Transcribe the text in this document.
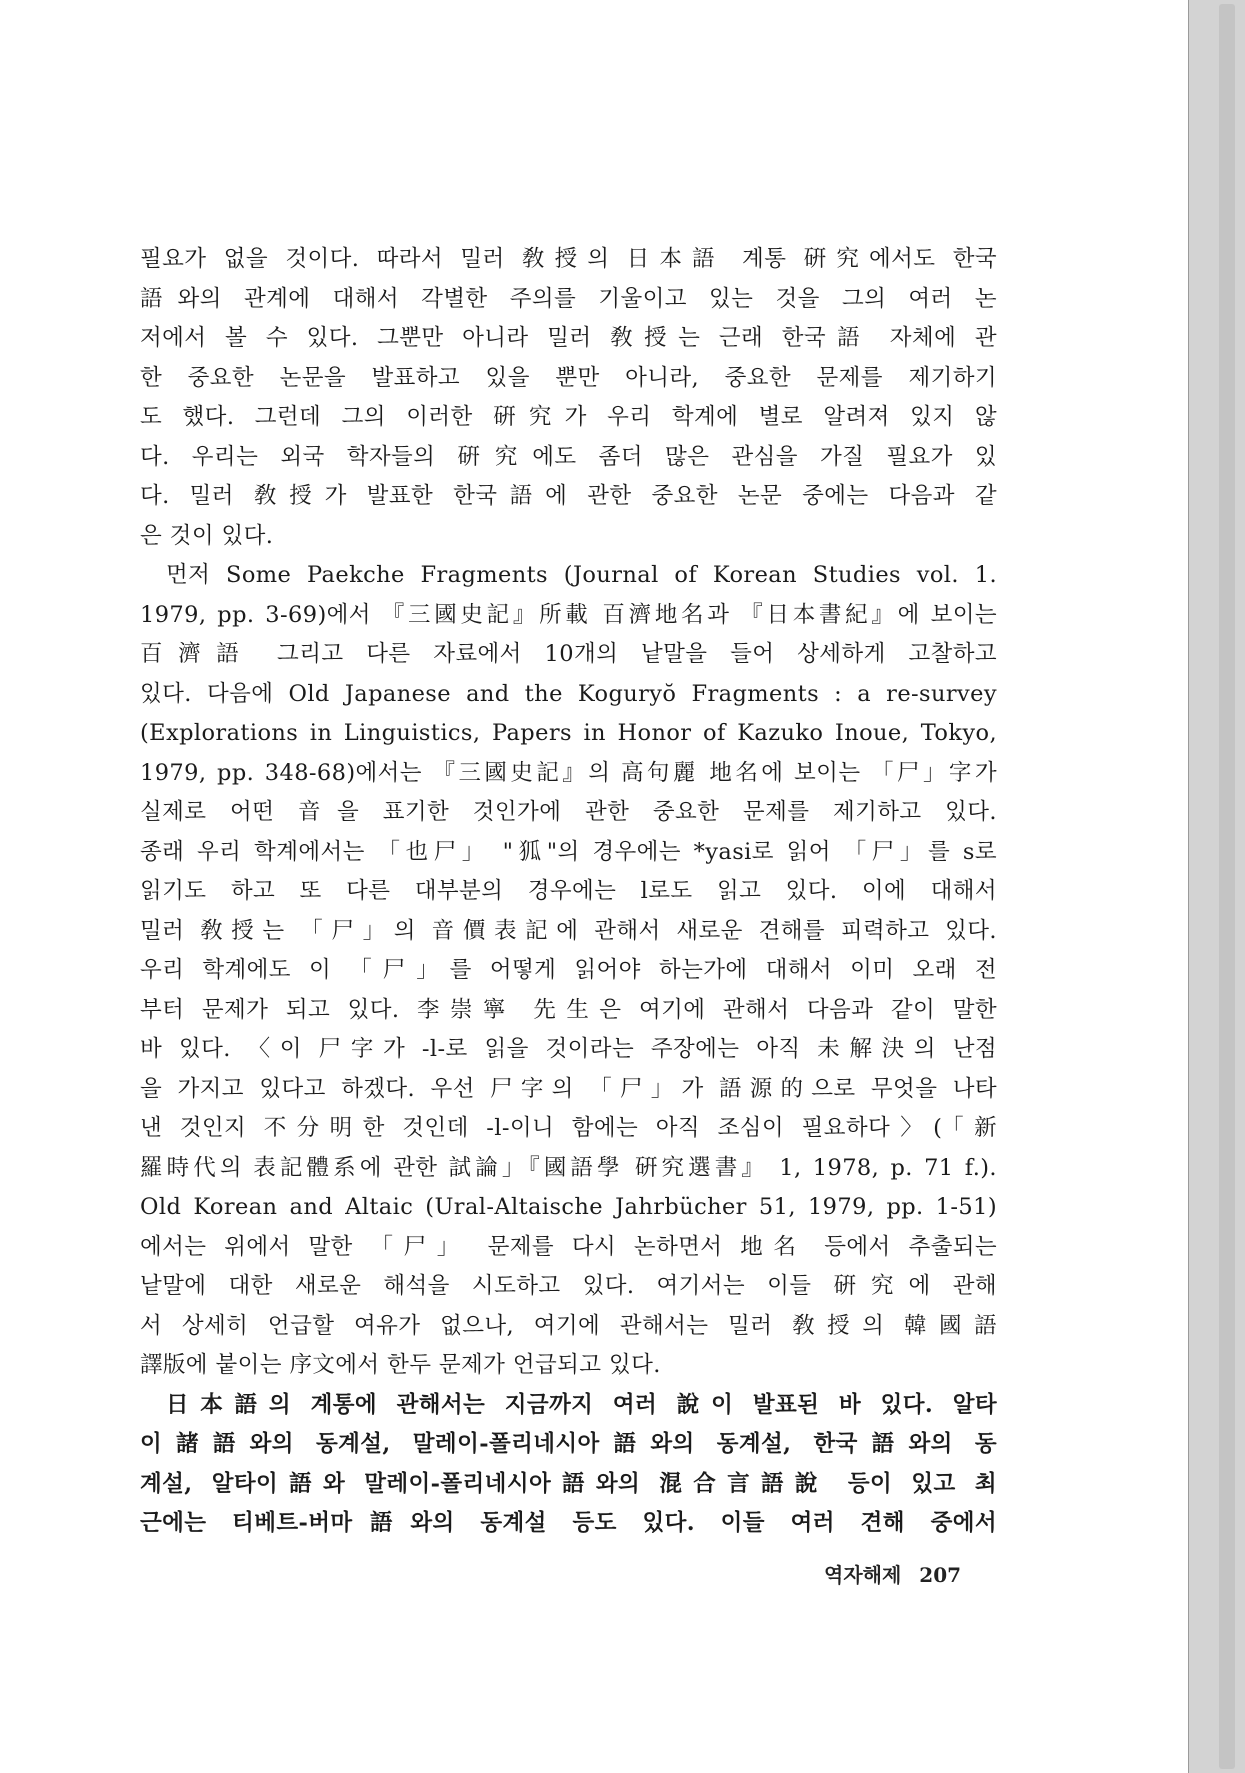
필요가 없을 것이다. 따라서 밀러 敎授의 日本語 계통 硏究에서도 한국
語와의 관계에 대해서 각별한 주의를 기울이고 있는 것을 그의 여러 논
저에서 볼 수 있다. 그뿐만 아니라 밀러 敎授는 근래 한국語 자체에 관
한 중요한 논문을 발표하고 있을 뿐만 아니라, 중요한 문제를 제기하기
도 했다. 그런데 그의 이러한 硏究가 우리 학계에 별로 알려져 있지 않
다. 우리는 외국 학자들의 硏究에도 좀더 많은 관심을 가질 필요가 있
다. 밀러 敎授가 발표한 한국語에 관한 중요한 논문 중에는 다음과 같
은 것이 있다.
먼저 Some Paekche Fragments (Journal of Korean Studies vol. 1.
1979, pp. 3-69)에서 『三國史記』所載 百濟地名과 『日本書紀』에 보이는
百濟語 그리고 다른 자료에서 10개의 낱말을 들어 상세하게 고찰하고
있다. 다음에 Old Japanese and the Koguryŏ Fragments : a re-survey
(Explorations in Linguistics, Papers in Honor of Kazuko Inoue, Tokyo,
1979, pp. 348-68)에서는 『三國史記』의 高句麗 地名에 보이는 「尸」字가
실제로 어떤 音을 표기한 것인가에 관한 중요한 문제를 제기하고 있다.
종래 우리 학계에서는 「也尸」 "狐"의 경우에는 *yasi로 읽어 「尸」를 s로
읽기도 하고 또 다른 대부분의 경우에는 l로도 읽고 있다. 이에 대해서
밀러 敎授는 「尸」의 音價表記에 관해서 새로운 견해를 피력하고 있다.
우리 학계에도 이 「尸」를 어떻게 읽어야 하는가에 대해서 이미 오래 전
부터 문제가 되고 있다. 李崇寧 先生은 여기에 관해서 다음과 같이 말한
바 있다. 〈이 尸字가 -l-로 읽을 것이라는 주장에는 아직 未解決의 난점
을 가지고 있다고 하겠다. 우선 尸字의 「尸」가 語源的으로 무엇을 나타
낸 것인지 不分明한 것인데 -l-이니 함에는 아직 조심이 필요하다〉(「新
羅時代의 表記體系에 관한 試論」『國語學 硏究選書』 1, 1978, p. 71 f.).
Old Korean and Altaic (Ural-Altaische Jahrbücher 51, 1979, pp. 1-51)
에서는 위에서 말한 「尸」 문제를 다시 논하면서 地名 등에서 추출되는
낱말에 대한 새로운 해석을 시도하고 있다. 여기서는 이들 硏究에 관해
서 상세히 언급할 여유가 없으나, 여기에 관해서는 밀러 敎授의 韓國語
譯版에 붙이는 序文에서 한두 문제가 언급되고 있다.
日本語의 계통에 관해서는 지금까지 여러 說이 발표된 바 있다. 알타
이諸語와의 동계설, 말레이-폴리네시아語와의 동계설, 한국語와의 동
계설, 알타이語와 말레이-폴리네시아語와의 混合言語說 등이 있고 최
근에는 티베트-버마語와의 동계설 등도 있다. 이들 여러 견해 중에서
역자해제 207
